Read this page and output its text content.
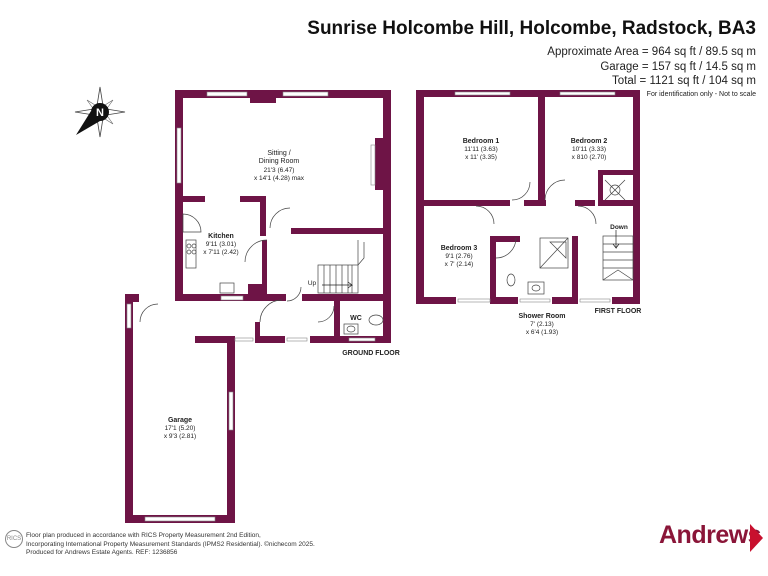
Sunrise Holcombe Hill, Holcombe, Radstock, BA3
Approximate Area = 964 sq ft / 89.5 sq m
Garage = 157 sq ft / 14.5 sq m
Total = 1121 sq ft / 104 sq m
For identification only - Not to scale
N
Sitting /
Dining Room
21'3 (6.47)
x 14'1 (4.28) max
Kitchen
9'11 (3.01)
x 7'11 (2.42)
Up
WC
GROUND FLOOR
Garage
17'1 (5.20)
x 9'3 (2.81)
Bedroom 1
11'11 (3.63)
x 11' (3.35)
Bedroom 2
10'11 (3.33)
x 810 (2.70)
Bedroom 3
9'1 (2.76)
x 7' (2.14)
Down
Shower Room
7' (2.13)
x 6'4 (1.93)
FIRST FLOOR
RICS Floor plan produced in accordance with RICS Property Measurement 2nd Edition,
Incorporating International Property Measurement Standards (IPMS2 Residential). ©nichecom 2025.
Produced for Andrews Estate Agents. REF: 1236856
Andrews
